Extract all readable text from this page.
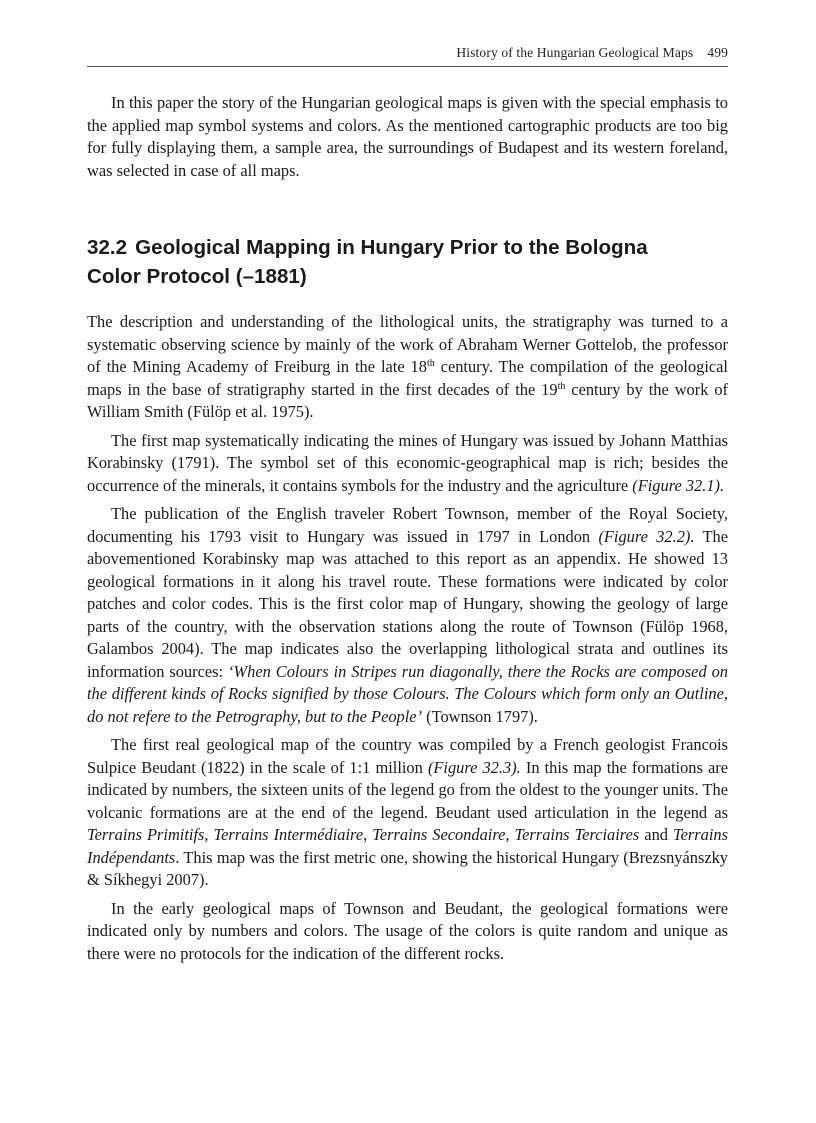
History of the Hungarian Geological Maps 499

In this paper the story of the Hungarian geological maps is given with the special emphasis to the applied map symbol systems and colors. As the mentioned cartographic products are too big for fully displaying them, a sample area, the surroundings of Budapest and its western foreland, was selected in case of all maps.

32.2 Geological Mapping in Hungary Prior to the Bologna
Color Protocol (–1881)

The description and understanding of the lithological units, the stratigraphy was turned to a systematic observing science by mainly of the work of Abraham Werner Gottelob, the professor of the Mining Academy of Freiburg in the late 18th century. The compilation of the geological maps in the base of stratigraphy started in the first decades of the 19th century by the work of William Smith (Fülöp et al. 1975).

The first map systematically indicating the mines of Hungary was issued by Johann Matthias Korabinsky (1791). The symbol set of this economic-geographical map is rich; besides the occurrence of the minerals, it contains symbols for the industry and the agriculture (Figure 32.1).

The publication of the English traveler Robert Townson, member of the Royal Society, documenting his 1793 visit to Hungary was issued in 1797 in London (Figure 32.2). The abovementioned Korabinsky map was attached to this report as an appendix. He showed 13 geological formations in it along his travel route. These formations were indicated by color patches and color codes. This is the first color map of Hungary, showing the geology of large parts of the country, with the observation stations along the route of Townson (Fülöp 1968, Galambos 2004). The map indicates also the overlapping lithological strata and outlines its information sources: ‘When Colours in Stripes run diagonally, there the Rocks are composed on the different kinds of Rocks signified by those Colours. The Colours which form only an Outline, do not refere to the Petrography, but to the People’ (Townson 1797).

The first real geological map of the country was compiled by a French geologist Francois Sulpice Beudant (1822) in the scale of 1:1 million (Figure 32.3). In this map the formations are indicated by numbers, the sixteen units of the legend go from the oldest to the younger units. The volcanic formations are at the end of the legend. Beudant used articulation in the legend as Terrains Primitifs, Terrains Intermédiaire, Terrains Secondaire, Terrains Terciaires and Terrains Indépendants. This map was the first metric one, showing the historical Hungary (Brezsnyánszky & Síkhegyi 2007).

In the early geological maps of Townson and Beudant, the geological formations were indicated only by numbers and colors. The usage of the colors is quite random and unique as there were no protocols for the indication of the different rocks.
